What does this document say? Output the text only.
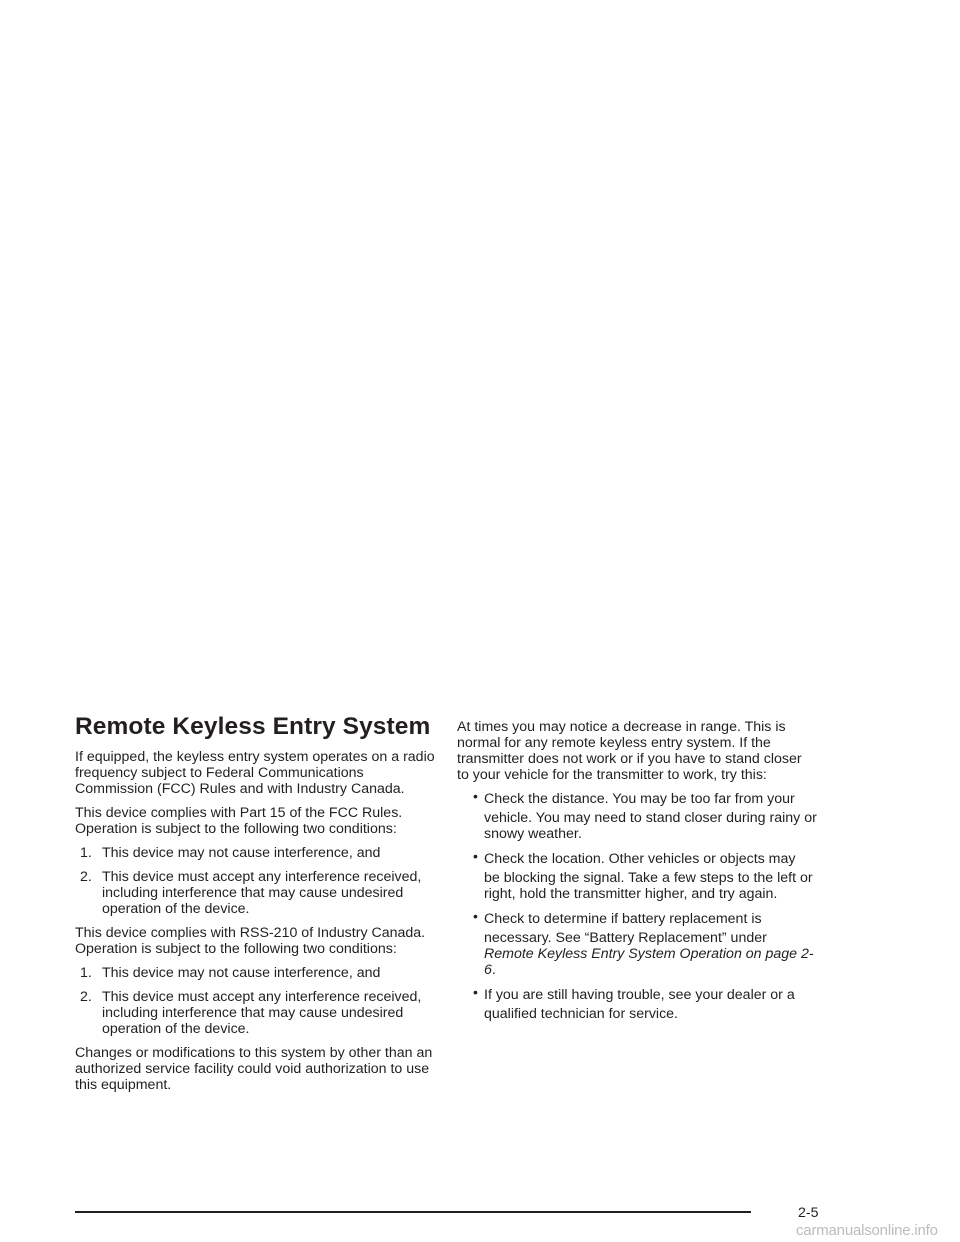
Remote Keyless Entry System

If equipped, the keyless entry system operates on a radio frequency subject to Federal Communications Commission (FCC) Rules and with Industry Canada.

This device complies with Part 15 of the FCC Rules. Operation is subject to the following two conditions:

1. This device may not cause interference, and
2. This device must accept any interference received, including interference that may cause undesired operation of the device.

This device complies with RSS-210 of Industry Canada. Operation is subject to the following two conditions:

1. This device may not cause interference, and
2. This device must accept any interference received, including interference that may cause undesired operation of the device.

Changes or modifications to this system by other than an authorized service facility could void authorization to use this equipment.

At times you may notice a decrease in range. This is normal for any remote keyless entry system. If the transmitter does not work or if you have to stand closer to your vehicle for the transmitter to work, try this:

• Check the distance. You may be too far from your
vehicle. You may need to stand closer during rainy or snowy weather.
• Check the location. Other vehicles or objects may
be blocking the signal. Take a few steps to the left or right, hold the transmitter higher, and try again.
• Check to determine if battery replacement is
necessary. See “Battery Replacement” under Remote Keyless Entry System Operation on page 2-6.
• If you are still having trouble, see your dealer or a
qualified technician for service.
2-5
carmanualsonline.info
